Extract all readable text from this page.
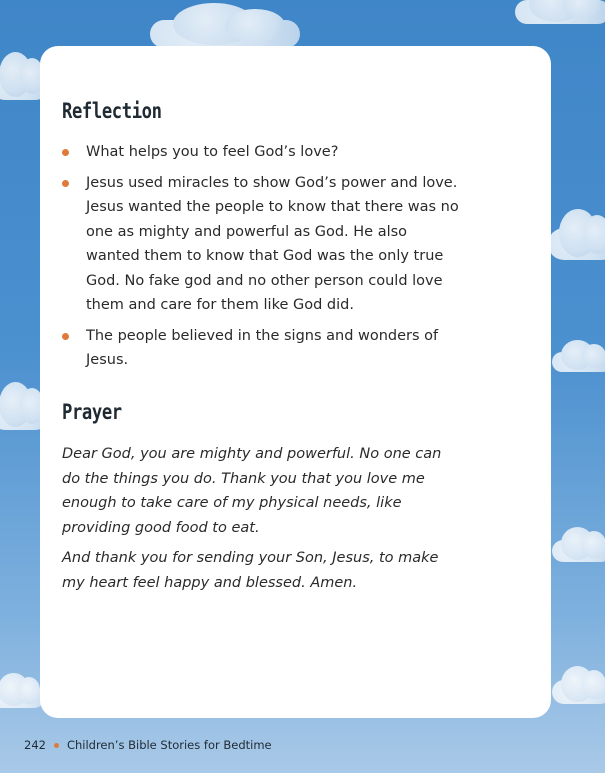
Reflection
What helps you to feel God’s love?
Jesus used miracles to show God’s power and love. Jesus wanted the people to know that there was no one as mighty and powerful as God. He also wanted them to know that God was the only true God. No fake god and no other person could love them and care for them like God did.
The people believed in the signs and wonders of Jesus.
Prayer

Dear God, you are mighty and powerful. No one can do the things you do. Thank you that you love me enough to take care of my physical needs, like providing good food to eat.

And thank you for sending your Son, Jesus, to make my heart feel happy and blessed. Amen.

242 Children’s Bible Stories for Bedtime
